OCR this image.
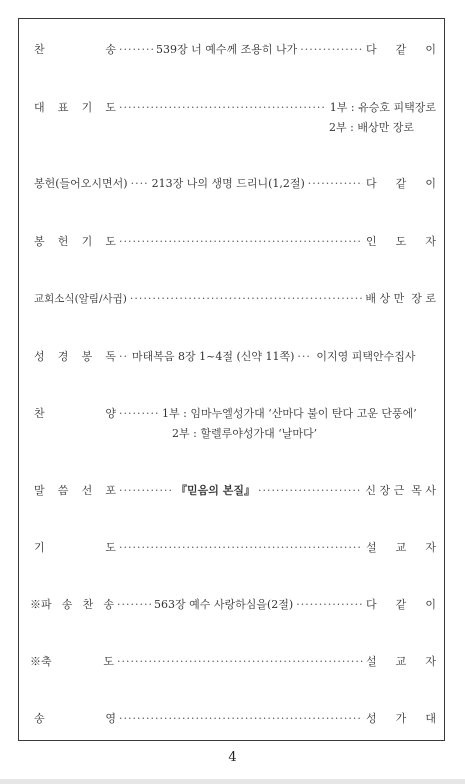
찬	송 ·····	539장 너 예수께 조용히 나가 ·····	다 같 이
대 표 기 도 ·····	1부 : 유승호 피택장로
2부 : 배상만 장로
봉헌(들어오시면서) ····· 213장 나의 생명 드리니(1,2절) ·····	다 같 이
봉 헌 기 도 ·····	인 도 자
교회소식(알림/사귐) ·····	배 상 만  장 로
성 경 봉 독 ····· 마태복음 8장 1~4절 (신약 11쪽) ····· 이지영 피택안수집사
찬	양 ·····	1부 : 임마누엘성가대 ‘산마다 불이 탄다 고운 단풍에’
2부 : 할렐루야성가대 ‘날마다’
말 씀 선 포 ·····	『믿음의 본질』 ·····	신 장 근  목 사
기	도 ·····	설 교 자
※파 송 찬 송 ·····	563장 예수 사랑하심을(2절) ·····	다 같 이
※축	도 ·····	설 교 자
송	영 ·····	성 가 대
4
